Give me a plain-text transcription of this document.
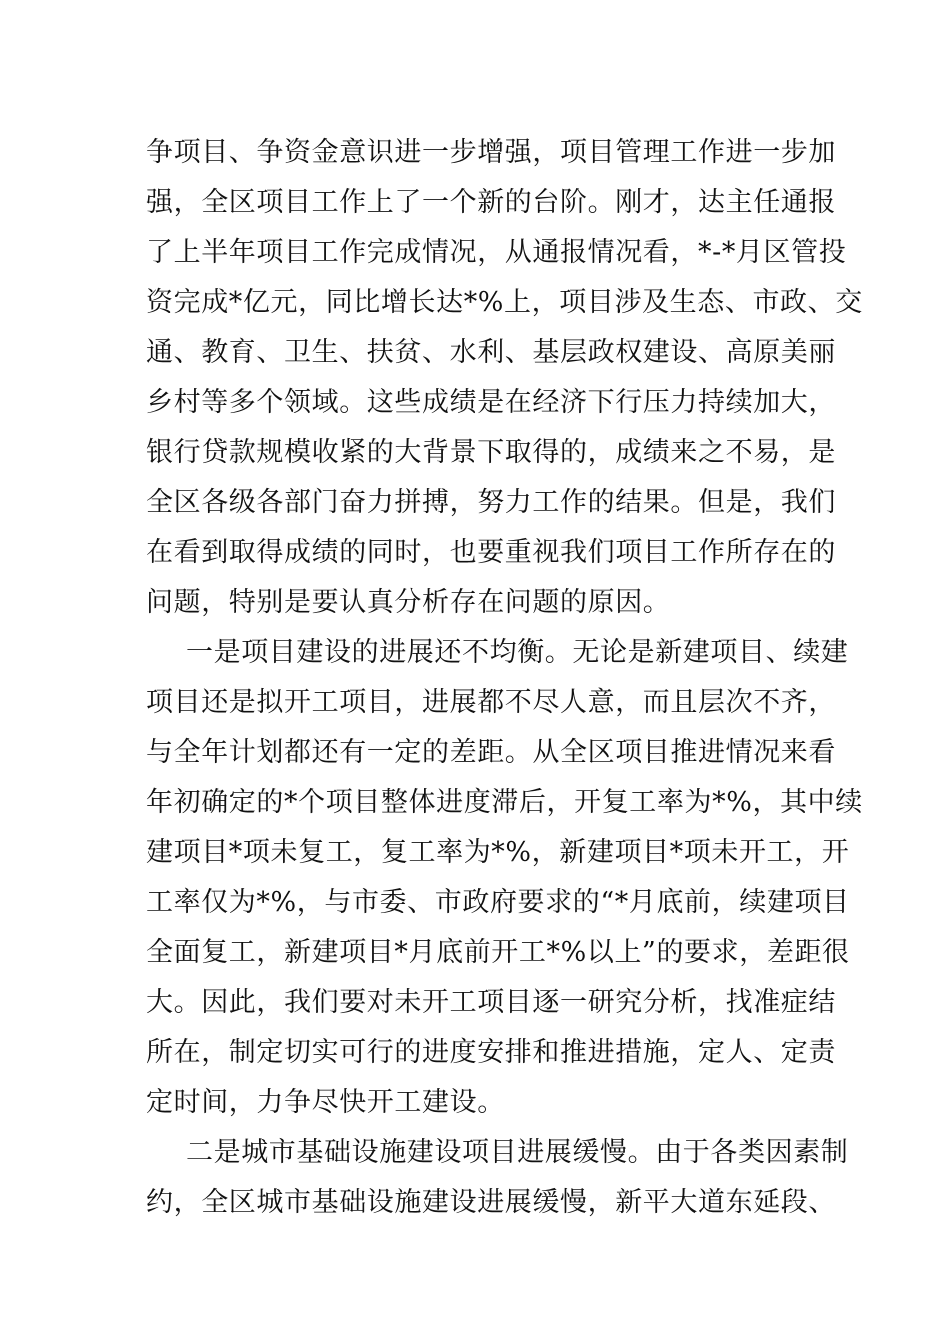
争项目、争资金意识进一步增强，项目管理工作进一步加
强，全区项目工作上了一个新的台阶。刚才，达主任通报
了上半年项目工作完成情况，从通报情况看，*-*月区管投
资完成*亿元，同比增长达*%上，项目涉及生态、市政、交
通、教育、卫生、扶贫、水利、基层政权建设、高原美丽
乡村等多个领域。这些成绩是在经济下行压力持续加大，
银行贷款规模收紧的大背景下取得的，成绩来之不易，是
全区各级各部门奋力拼搏，努力工作的结果。但是，我们
在看到取得成绩的同时，也要重视我们项目工作所存在的
问题，特别是要认真分析存在问题的原因。
一是项目建设的进展还不均衡。无论是新建项目、续建
项目还是拟开工项目，进展都不尽人意，而且层次不齐，
与全年计划都还有一定的差距。从全区项目推进情况来看
年初确定的*个项目整体进度滞后，开复工率为*%，其中续
建项目*项未复工，复工率为*%，新建项目*项未开工，开
工率仅为*%，与市委、市政府要求的“*月底前，续建项目
全面复工，新建项目*月底前开工*%以上”的要求，差距很
大。因此，我们要对未开工项目逐一研究分析，找准症结
所在，制定切实可行的进度安排和推进措施，定人、定责
定时间，力争尽快开工建设。
二是城市基础设施建设项目进展缓慢。由于各类因素制
约，全区城市基础设施建设进展缓慢，新平大道东延段、
